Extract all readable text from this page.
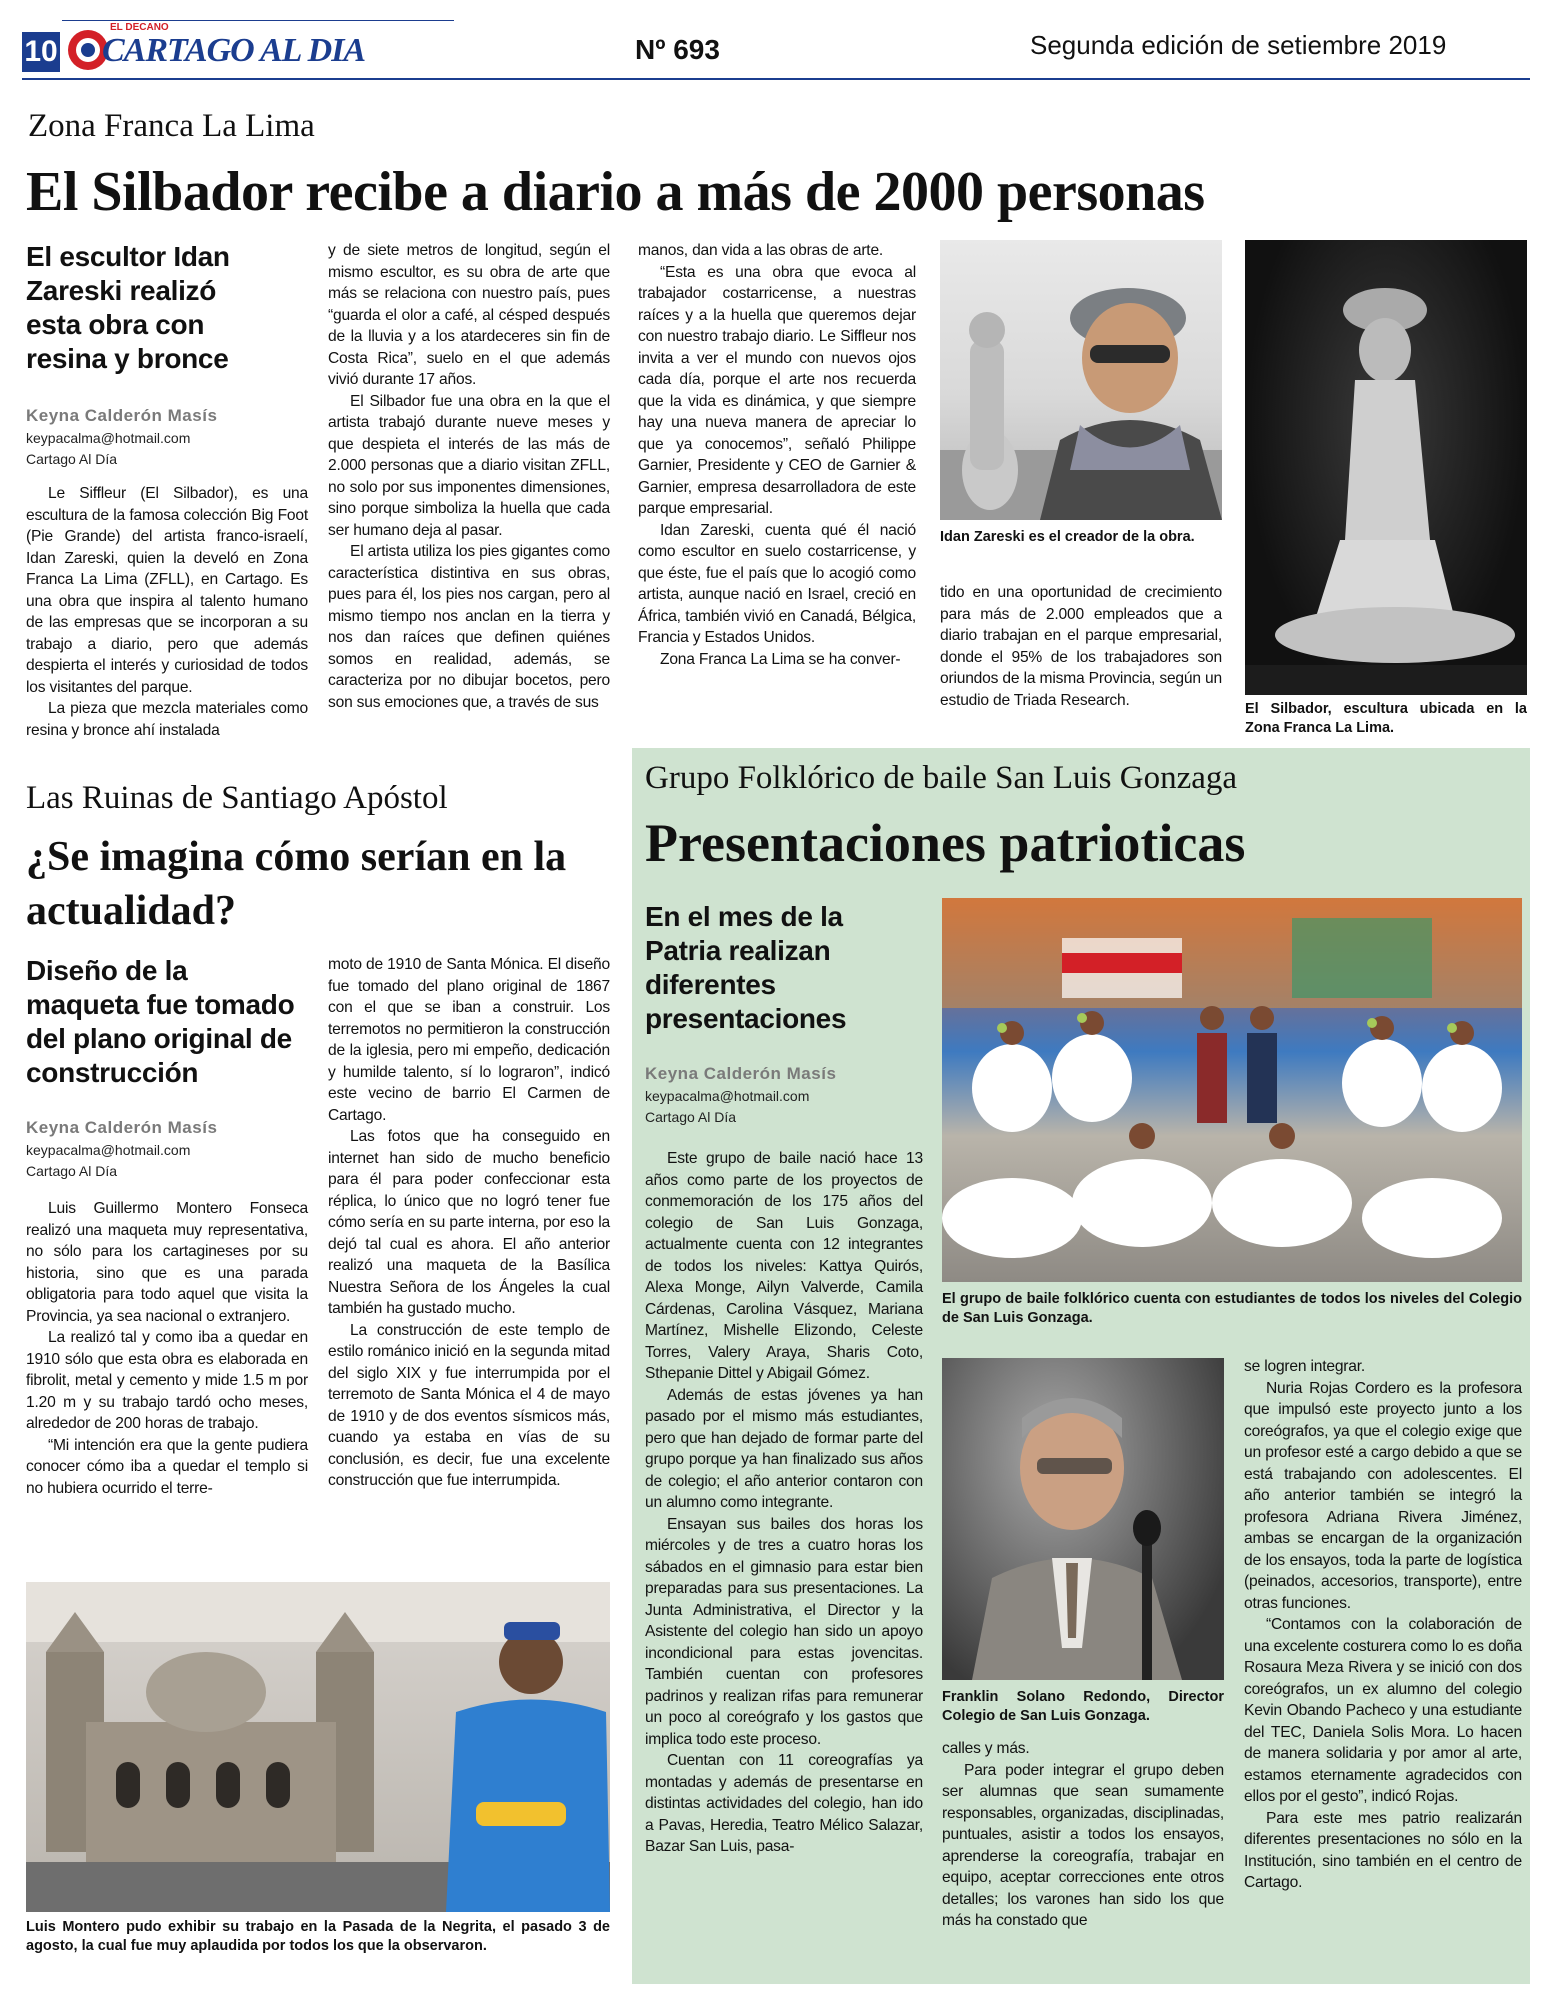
10
EL DECANO
CARTAGO AL DIA	Nº 693	Segunda edición de setiembre 2019
Zona Franca La Lima
El Silbador recibe a diario a más de 2000 personas
El escultor Idan Zareski realizó esta obra con resina y bronce
Keyna Calderón Masís
keypacalma@hotmail.com
Cartago Al Día

Le Siffleur (El Silbador), es una escultura de la famosa colección Big Foot (Pie Grande) del artista franco-israelí, Idan Zareski, quien la develó en Zona Franca La Lima (ZFLL), en Cartago. Es una obra que inspira al talento humano de las empresas que se incorporan a su trabajo a diario, pero que además despierta el interés y curiosidad de todos los visitantes del parque.

La pieza que mezcla materiales como resina y bronce ahí instalada

y de siete metros de longitud, según el mismo escultor, es su obra de arte que más se relaciona con nuestro país, pues “guarda el olor a café, al césped después de la lluvia y a los atardeceres sin fin de Costa Rica”, suelo en el que además vivió durante 17 años.

El Silbador fue una obra en la que el artista trabajó durante nueve meses y que despieta el interés de las más de 2.000 personas que a diario visitan ZFLL, no solo por sus imponentes dimensiones, sino porque simboliza la huella que cada ser humano deja al pasar.

El artista utiliza los pies gigantes como característica distintiva en sus obras, pues para él, los pies nos cargan, pero al mismo tiempo nos anclan en la tierra y nos dan raíces que definen quiénes somos en realidad, además, se caracteriza por no dibujar bocetos, pero son sus emociones que, a través de sus

manos, dan vida a las obras de arte.

“Esta es una obra que evoca al trabajador costarricense, a nuestras raíces y a la huella que queremos dejar con nuestro trabajo diario. Le Siffleur nos invita a ver el mundo con nuevos ojos cada día, porque el arte nos recuerda que la vida es dinámica, y que siempre hay una nueva manera de apreciar lo que ya conocemos”, señaló Philippe Garnier, Presidente y CEO de Garnier & Garnier, empresa desarrolladora de este parque empresarial.

Idan Zareski, cuenta qué él nació como escultor en suelo costarricense, y que éste, fue el país que lo acogió como artista, aunque nació en Israel, creció en África, también vivió en Canadá, Bélgica, Francia y Estados Unidos.

Zona Franca La Lima se ha conver-

Idan Zareski es el creador de la obra.

tido en una oportunidad de crecimiento para más de 2.000 empleados que a diario trabajan en el parque empresarial, donde el 95% de los trabajadores son oriundos de la misma Provincia, según un estudio de Triada Research.

El Silbador, escultura ubicada en la Zona Franca La Lima.
Las Ruinas de Santiago Apóstol
¿Se imagina cómo serían en la actualidad?
Diseño de la maqueta fue tomado del plano original de construcción
Keyna Calderón Masís
keypacalma@hotmail.com
Cartago Al Día

Luis Guillermo Montero Fonseca realizó una maqueta muy representativa, no sólo para los cartagineses por su historia, sino que es una parada obligatoria para todo aquel que visita la Provincia, ya sea nacional o extranjero.

La realizó tal y como iba a quedar en 1910 sólo que esta obra es elaborada en fibrolit, metal y cemento y mide 1.5 m por 1.20 m y su trabajo tardó ocho meses, alrededor de 200 horas de trabajo.

“Mi intención era que la gente pudiera conocer cómo iba a quedar el templo si no hubiera ocurrido el terre-

moto de 1910 de Santa Mónica. El diseño fue tomado del plano original de 1867 con el que se iban a construir. Los terremotos no permitieron la construcción de la iglesia, pero mi empeño, dedicación y humilde talento, sí lo lograron”, indicó este vecino de barrio El Carmen de Cartago.

Las fotos que ha conseguido en internet han sido de mucho beneficio para él para poder confeccionar esta réplica, lo único que no logró tener fue cómo sería en su parte interna, por eso la dejó tal cual es ahora. El año anterior realizó una maqueta de la Basílica Nuestra Señora de los Ángeles la cual también ha gustado mucho.

La construcción de este templo de estilo románico inició en la segunda mitad del siglo XIX y fue interrumpida por el terremoto de Santa Mónica el 4 de mayo de 1910 y de dos eventos sísmicos más, cuando ya estaba en vías de su conclusión, es decir, fue una excelente construcción que fue interrumpida.

Luis Montero pudo exhibir su trabajo en la Pasada de la Negrita, el pasado 3 de agosto, la cual fue muy aplaudida por todos los que la observaron.
Grupo Folklórico de baile San Luis Gonzaga
Presentaciones patrioticas
En el mes de la Patria realizan diferentes presentaciones
Keyna Calderón Masís
keypacalma@hotmail.com
Cartago Al Día

Este grupo de baile nació hace 13 años como parte de los proyectos de conmemoración de los 175 años del colegio de San Luis Gonzaga, actualmente cuenta con 12 integrantes de todos los niveles: Kattya Quirós, Alexa Monge, Ailyn Valverde, Camila Cárdenas, Carolina Vásquez, Mariana Martínez, Mishelle Elizondo, Celeste Torres, Valery Araya, Sharis Coto, Sthepanie Dittel y Abigail Gómez.

Además de estas jóvenes ya han pasado por el mismo más estudiantes, pero que han dejado de formar parte del grupo porque ya han finalizado sus años de colegio; el año anterior contaron con un alumno como integrante.

Ensayan sus bailes dos horas los miércoles y de tres a cuatro horas los sábados en el gimnasio para estar bien preparadas para sus presentaciones. La Junta Administrativa, el Director y la Asistente del colegio han sido un apoyo incondicional para estas jovencitas. También cuentan con profesores padrinos y realizan rifas para remunerar un poco al coreógrafo y los gastos que implica todo este proceso.

Cuentan con 11 coreografías ya montadas y además de presentarse en distintas actividades del colegio, han ido a Pavas, Heredia, Teatro Mélico Salazar, Bazar San Luis, pasa-

El grupo de baile folklórico cuenta con estudiantes de todos los niveles del Colegio de San Luis Gonzaga.
Franklin Solano Redondo, Director Colegio de San Luis Gonzaga.

calles y más.

Para poder integrar el grupo deben ser alumnas que sean sumamente responsables, organizadas, disciplinadas, puntuales, asistir a todos los ensayos, aprenderse la coreografía, trabajar en equipo, aceptar correcciones ente otros detalles; los varones han sido los que más ha constado que

se logren integrar.

Nuria Rojas Cordero es la profesora que impulsó este proyecto junto a los coreógrafos, ya que el colegio exige que un profesor esté a cargo debido a que se está trabajando con adolescentes. El año anterior también se integró la profesora Adriana Rivera Jiménez, ambas se encargan de la organización de los ensayos, toda la parte de logística (peinados, accesorios, transporte), entre otras funciones.

“Contamos con la colaboración de una excelente costurera como lo es doña Rosaura Meza Rivera y se inició con dos coreógrafos, un ex alumno del colegio Kevin Obando Pacheco y una estudiante del TEC, Daniela Solis Mora. Lo hacen de manera solidaria y por amor al arte, estamos eternamente agradecidos con ellos por el gesto”, indicó Rojas.

Para este mes patrio realizarán diferentes presentaciones no sólo en la Institución, sino también en el centro de Cartago.
